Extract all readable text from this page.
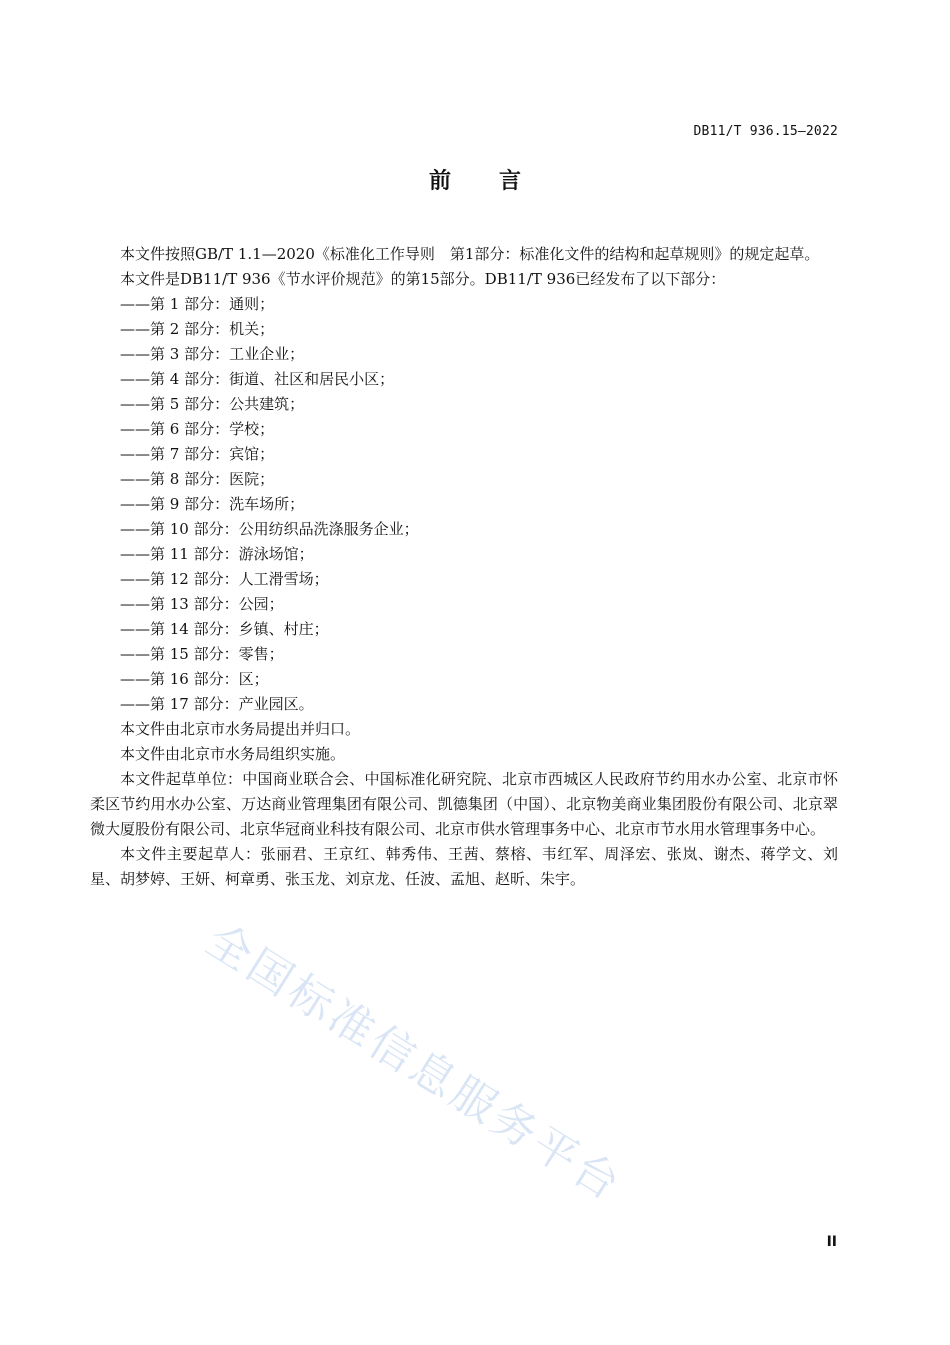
DB11/T 936.15—2022
前言

本文件按照GB/T 1.1—2020《标准化工作导则　第1部分：标准化文件的结构和起草规则》的规定起草。

本文件是DB11/T 936《节水评价规范》的第15部分。DB11/T 936已经发布了以下部分：

——第 1 部分：通则；

——第 2 部分：机关；

——第 3 部分：工业企业；

——第 4 部分：街道、社区和居民小区；

——第 5 部分：公共建筑；

——第 6 部分：学校；

——第 7 部分：宾馆；

——第 8 部分：医院；

——第 9 部分：洗车场所；

——第 10 部分：公用纺织品洗涤服务企业；

——第 11 部分：游泳场馆；

——第 12 部分：人工滑雪场；

——第 13 部分：公园；

——第 14 部分：乡镇、村庄；

——第 15 部分：零售；

——第 16 部分：区；

——第 17 部分：产业园区。

本文件由北京市水务局提出并归口。

本文件由北京市水务局组织实施。

本文件起草单位：中国商业联合会、中国标准化研究院、北京市西城区人民政府节约用水办公室、北京市怀柔区节约用水办公室、万达商业管理集团有限公司、凯德集团（中国）、北京物美商业集团股份有限公司、北京翠微大厦股份有限公司、北京华冠商业科技有限公司、北京市供水管理事务中心、北京市节水用水管理事务中心。

本文件主要起草人：张丽君、王京红、韩秀伟、王茜、蔡榕、韦红军、周泽宏、张岚、谢杰、蒋学文、刘星、胡梦婷、王妍、柯章勇、张玉龙、刘京龙、任波、孟旭、赵昕、朱宇。

全国标准信息服务平台
II
